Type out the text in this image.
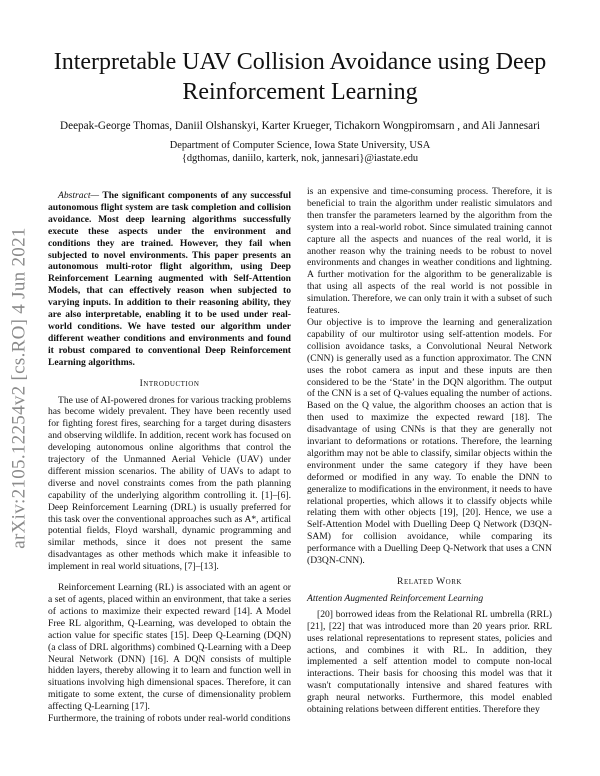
arXiv:2105.12254v2 [cs.RO] 4 Jun 2021
Interpretable UAV Collision Avoidance using Deep
Reinforcement Learning
Deepak-George Thomas, Daniil Olshanskyi, Karter Krueger, Tichakorn Wongpiromsarn , and Ali Jannesari
Department of Computer Science, Iowa State University, USA
{dgthomas, daniilo, karterk, nok, jannesari}@iastate.edu

Abstract— The significant components of any successful autonomous flight system are task completion and collision avoidance. Most deep learning algorithms successfully execute these aspects under the environment and conditions they are trained. However, they fail when subjected to novel environments. This paper presents an autonomous multi-rotor flight algorithm, using Deep Reinforcement Learning augmented with Self-Attention Models, that can effectively reason when subjected to varying inputs. In addition to their reasoning ability, they are also interpretable, enabling it to be used under real-world conditions. We have tested our algorithm under different weather conditions and environments and found it robust compared to conventional Deep Reinforcement Learning algorithms.

Introduction

The use of AI-powered drones for various tracking problems has become widely prevalent. They have been recently used for fighting forest fires, searching for a target during disasters and observing wildlife. In addition, recent work has focused on developing autonomous online algorithms that control the trajectory of the Unmanned Aerial Vehicle (UAV) under different mission scenarios. The ability of UAVs to adapt to diverse and novel constraints comes from the path planning capability of the underlying algorithm controlling it. [1]–[6]. Deep Reinforcement Learning (DRL) is usually preferred for this task over the conventional approaches such as A*, artifical potential fields, Floyd warshall, dynamic programming and similar methods, since it does not present the same disadvantages as other methods which make it infeasible to implement in real world situations, [7]–[13].

Reinforcement Learning (RL) is associated with an agent or a set of agents, placed within an environment, that take a series of actions to maximize their expected reward [14]. A Model Free RL algorithm, Q-Learning, was developed to obtain the action value for specific states [15]. Deep Q-Learning (DQN) (a class of DRL algorithms) combined Q-Learning with a Deep Neural Network (DNN) [16]. A DQN consists of multiple hidden layers, thereby allowing it to learn and function well in situations involving high dimensional spaces. Therefore, it can mitigate to some extent, the curse of dimensionality problem affecting Q-Learning [17].

Furthermore, the training of robots under real-world conditions

is an expensive and time-consuming process. Therefore, it is beneficial to train the algorithm under realistic simulators and then transfer the parameters learned by the algorithm from the system into a real-world robot. Since simulated training cannot capture all the aspects and nuances of the real world, it is another reason why the training needs to be robust to novel environments and changes in weather conditions and lightning. A further motivation for the algorithm to be generalizable is that using all aspects of the real world is not possible in simulation. Therefore, we can only train it with a subset of such features.

Our objective is to improve the learning and generalization capability of our multirotor using self-attention models. For collision avoidance tasks, a Convolutional Neural Network (CNN) is generally used as a function approximator. The CNN uses the robot camera as input and these inputs are then considered to be the ‘State’ in the DQN algorithm. The output of the CNN is a set of Q-values equaling the number of actions. Based on the Q value, the algorithm chooses an action that is then used to maximize the expected reward [18]. The disadvantage of using CNNs is that they are generally not invariant to deformations or rotations. Therefore, the learning algorithm may not be able to classify, similar objects within the environment under the same category if they have been deformed or modified in any way. To enable the DNN to generalize to modifications in the environment, it needs to have relational properties, which allows it to classify objects while relating them with other objects [19], [20]. Hence, we use a Self-Attention Model with Duelling Deep Q Network (D3QN-SAM) for collision avoidance, while comparing its performance with a Duelling Deep Q-Network that uses a CNN (D3QN-CNN).

Related Work
Attention Augmented Reinforcement Learning

[20] borrowed ideas from the Relational RL umbrella (RRL) [21], [22] that was introduced more than 20 years prior. RRL uses relational representations to represent states, policies and actions, and combines it with RL. In addition, they implemented a self attention model to compute non-local interactions. Their basis for choosing this model was that it wasn't computationally intensive and shared features with graph neural networks. Furthermore, this model enabled obtaining relations between different entities. Therefore they
